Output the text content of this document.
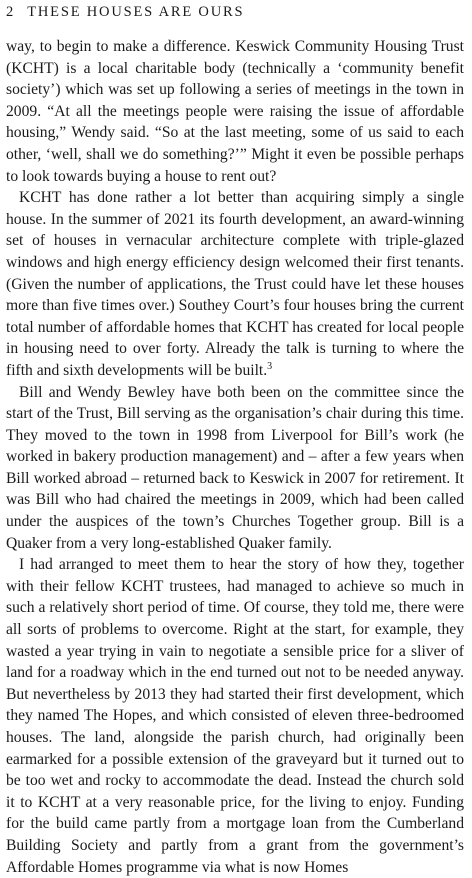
2 THESE HOUSES ARE OURS

way, to begin to make a difference. Keswick Community Housing Trust (KCHT) is a local charitable body (technically a ‘community benefit society’) which was set up following a series of meetings in the town in 2009. “At all the meetings people were raising the issue of affordable housing,” Wendy said. “So at the last meeting, some of us said to each other, ‘well, shall we do something?’” Might it even be possible perhaps to look towards buying a house to rent out?

KCHT has done rather a lot better than acquiring simply a single house. In the summer of 2021 its fourth development, an award-winning set of houses in vernacular architecture complete with triple-glazed windows and high energy efficiency design welcomed their first tenants. (Given the number of applications, the Trust could have let these houses more than five times over.) Southey Court’s four houses bring the current total number of affordable homes that KCHT has created for local people in housing need to over forty. Already the talk is turning to where the fifth and sixth developments will be built.$^3$

Bill and Wendy Bewley have both been on the committee since the start of the Trust, Bill serving as the organisation’s chair during this time. They moved to the town in 1998 from Liverpool for Bill’s work (he worked in bakery production management) and – after a few years when Bill worked abroad – returned back to Keswick in 2007 for retirement. It was Bill who had chaired the meetings in 2009, which had been called under the auspices of the town’s Churches Together group. Bill is a Quaker from a very long-established Quaker family.

I had arranged to meet them to hear the story of how they, together with their fellow KCHT trustees, had managed to achieve so much in such a relatively short period of time. Of course, they told me, there were all sorts of problems to overcome. Right at the start, for example, they wasted a year trying in vain to negotiate a sensible price for a sliver of land for a roadway which in the end turned out not to be needed anyway. But nevertheless by 2013 they had started their first development, which they named The Hopes, and which consisted of eleven three-bedroomed houses. The land, alongside the parish church, had originally been earmarked for a possible extension of the graveyard but it turned out to be too wet and rocky to accommodate the dead. Instead the church sold it to KCHT at a very reasonable price, for the living to enjoy. Funding for the build came partly from a mortgage loan from the Cumberland Building Society and partly from a grant from the government’s Affordable Homes programme via what is now Homes
